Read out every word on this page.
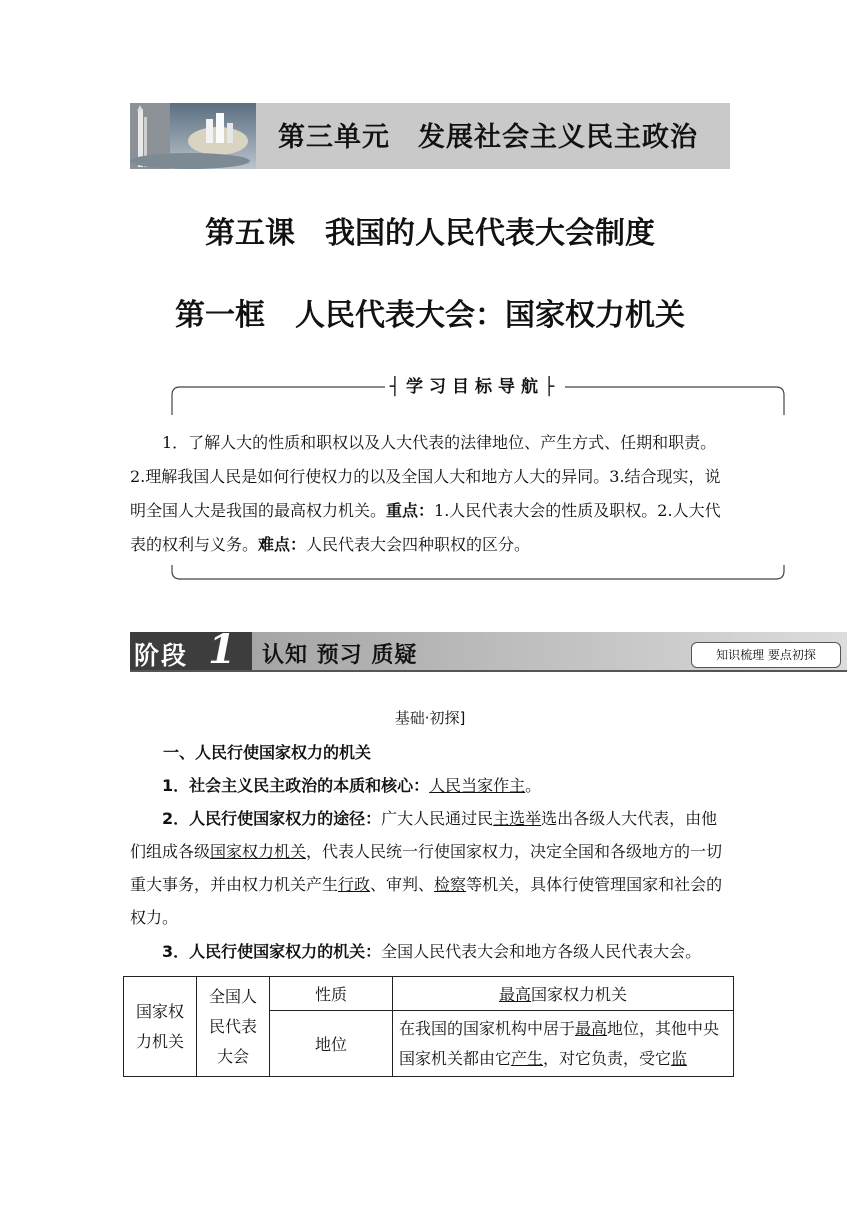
第三单元　发展社会主义民主政治
第五课　我国的人民代表大会制度
第一框　人民代表大会：国家权力机关
┤学习目标导航├
1．了解人大的性质和职权以及人大代表的法律地位、产生方式、任期和职责。2.理解我国人民是如何行使权力的以及全国人大和地方人大的异同。3.结合现实，说明全国人大是我国的最高权力机关。重点：1.人民代表大会的性质及职权。2.人大代表的权利与义务。难点：人民代表大会四种职权的区分。
阶段 1 认知 预习 质疑	知识梳理 要点初探
基础·初探]
一、人民行使国家权力的机关
1．社会主义民主政治的本质和核心：人民当家作主。
2．人民行使国家权力的途径：广大人民通过民主选举选出各级人大代表，由他们组成各级国家权力机关，代表人民统一行使国家权力，决定全国和各级地方的一切重大事务，并由权力机关产生行政、审判、检察等机关，具体行使管理国家和社会的权力。
3．人民行使国家权力的机关：全国人民代表大会和地方各级人民代表大会。
国家权力机关	全国人民代表大会	性质	最高国家权力机关
		地位	在我国的国家机构中居于最高地位，其他中央国家机关都由它产生，对它负责，受它监
